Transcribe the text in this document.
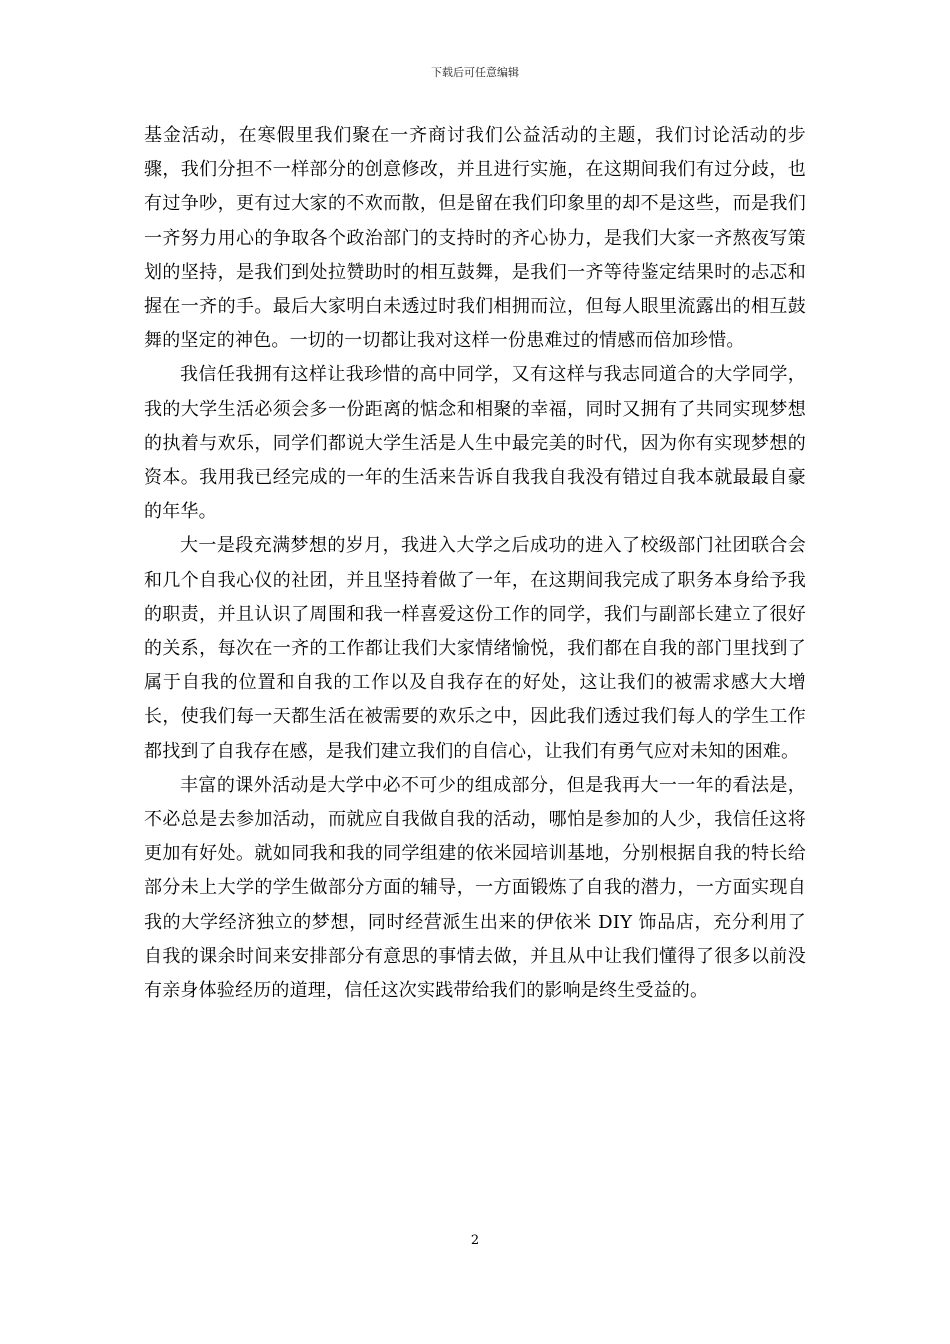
下载后可任意编辑

基金活动，在寒假里我们聚在一齐商讨我们公益活动的主题，我们讨论活动的步骤，我们分担不一样部分的创意修改，并且进行实施，在这期间我们有过分歧，也有过争吵，更有过大家的不欢而散，但是留在我们印象里的却不是这些，而是我们一齐努力用心的争取各个政治部门的支持时的齐心协力，是我们大家一齐熬夜写策划的坚持，是我们到处拉赞助时的相互鼓舞，是我们一齐等待鉴定结果时的忐忑和握在一齐的手。最后大家明白未透过时我们相拥而泣，但每人眼里流露出的相互鼓舞的坚定的神色。一切的一切都让我对这样一份患难过的情感而倍加珍惜。

我信任我拥有这样让我珍惜的高中同学，又有这样与我志同道合的大学同学，我的大学生活必须会多一份距离的惦念和相聚的幸福，同时又拥有了共同实现梦想的执着与欢乐，同学们都说大学生活是人生中最完美的时代，因为你有实现梦想的资本。我用我已经完成的一年的生活来告诉自我我自我没有错过自我本就最最自豪的年华。

大一是段充满梦想的岁月，我进入大学之后成功的进入了校级部门社团联合会和几个自我心仪的社团，并且坚持着做了一年，在这期间我完成了职务本身给予我的职责，并且认识了周围和我一样喜爱这份工作的同学，我们与副部长建立了很好的关系，每次在一齐的工作都让我们大家情绪愉悦，我们都在自我的部门里找到了属于自我的位置和自我的工作以及自我存在的好处，这让我们的被需求感大大增长，使我们每一天都生活在被需要的欢乐之中，因此我们透过我们每人的学生工作都找到了自我存在感，是我们建立我们的自信心，让我们有勇气应对未知的困难。

丰富的课外活动是大学中必不可少的组成部分，但是我再大一一年的看法是，不必总是去参加活动，而就应自我做自我的活动，哪怕是参加的人少，我信任这将更加有好处。就如同我和我的同学组建的依米园培训基地，分别根据自我的特长给部分未上大学的学生做部分方面的辅导，一方面锻炼了自我的潜力，一方面实现自我的大学经济独立的梦想，同时经营派生出来的伊依米 DIY 饰品店，充分利用了自我的课余时间来安排部分有意思的事情去做，并且从中让我们懂得了很多以前没有亲身体验经历的道理，信任这次实践带给我们的影响是终生受益的。

2
